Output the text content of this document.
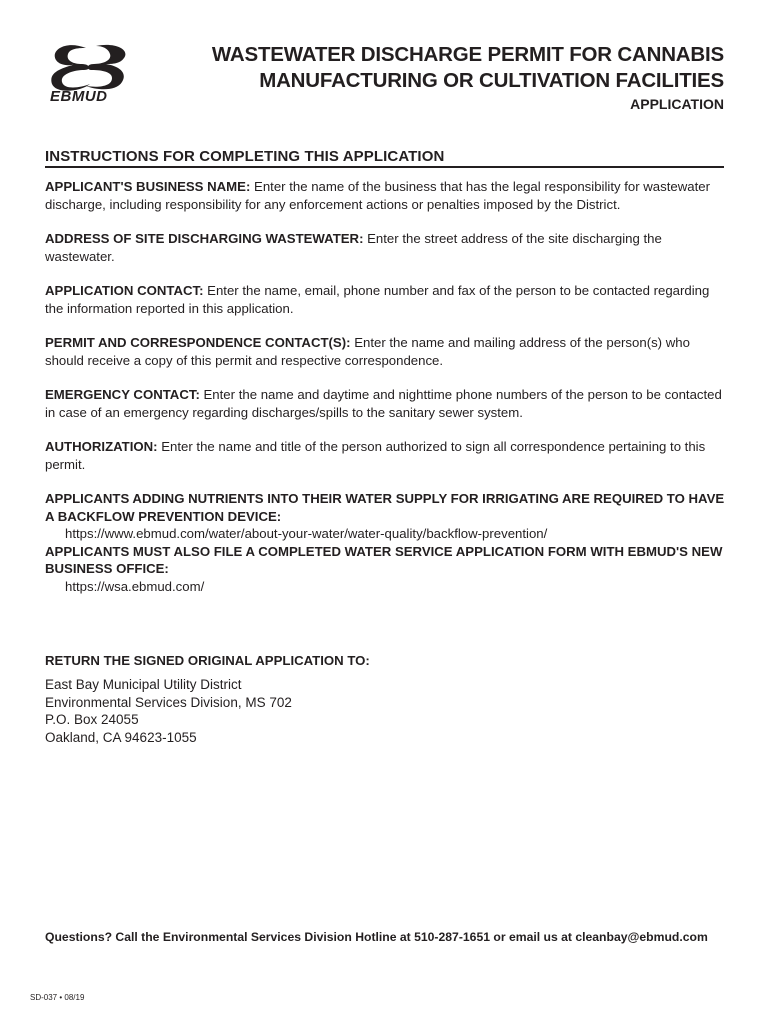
EBMUD
WASTEWATER DISCHARGE PERMIT FOR CANNABIS
MANUFACTURING OR CULTIVATION FACILITIES
APPLICATION
INSTRUCTIONS FOR COMPLETING THIS APPLICATION

APPLICANT'S BUSINESS NAME: Enter the name of the business that has the legal responsibility for wastewater discharge, including responsibility for any enforcement actions or penalties imposed by the District.

ADDRESS OF SITE DISCHARGING WASTEWATER: Enter the street address of the site discharging the wastewater.

APPLICATION CONTACT: Enter the name, email, phone number and fax of the person to be contacted regarding the information reported in this application.

PERMIT AND CORRESPONDENCE CONTACT(S): Enter the name and mailing address of the person(s) who should receive a copy of this permit and respective correspondence.

EMERGENCY CONTACT: Enter the name and daytime and nighttime phone numbers of the person to be contacted in case of an emergency regarding discharges/spills to the sanitary sewer system.

AUTHORIZATION: Enter the name and title of the person authorized to sign all correspondence pertaining to this permit.

APPLICANTS ADDING NUTRIENTS INTO THEIR WATER SUPPLY FOR IRRIGATING ARE REQUIRED TO HAVE A BACKFLOW PREVENTION DEVICE:

https://www.ebmud.com/water/about-your-water/water-quality/backflow-prevention/

APPLICANTS MUST ALSO FILE A COMPLETED WATER SERVICE APPLICATION FORM WITH EBMUD'S NEW BUSINESS OFFICE:

https://wsa.ebmud.com/

RETURN THE SIGNED ORIGINAL APPLICATION TO:
East Bay Municipal Utility District
Environmental Services Division, MS 702
P.O. Box 24055
Oakland, CA 94623-1055
Questions? Call the Environmental Services Division Hotline at 510-287-1651 or email us at cleanbay@ebmud.com
SD-037 • 08/19
